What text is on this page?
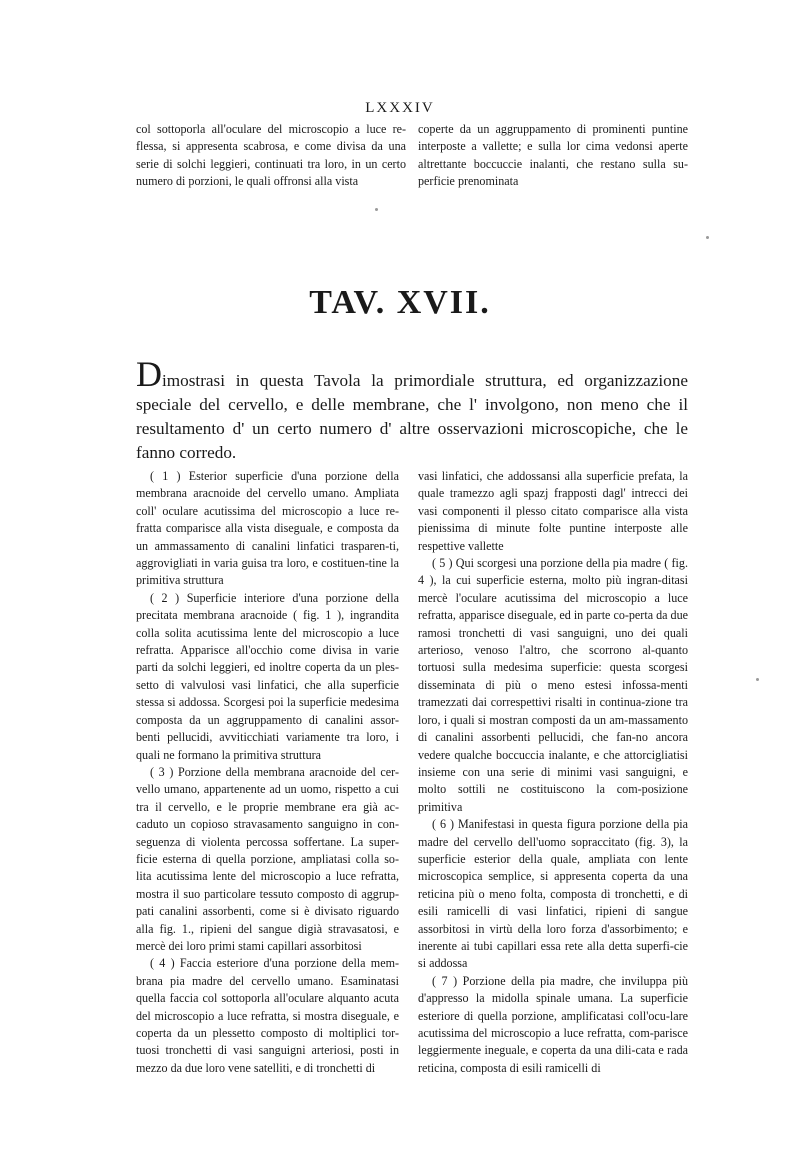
LXXXIV

col sottoporla all'oculare del microscopio a luce re-flessa, si appresenta scabrosa, e come divisa da una serie di solchi leggieri, continuati tra loro, in un certo numero di porzioni, le quali offronsi alla vista

coperte da un aggruppamento di prominenti puntine interposte a vallette; e sulla lor cima vedonsi aperte altrettante boccuccie inalanti, che restano sulla su-perficie prenominata

TAV. XVII.
Dimostrasi in questa Tavola la primordiale struttura, ed organizzazione speciale del cervello, e delle membrane, che l' involgono, non meno che il resultamento d' un certo numero d' altre osservazioni microscopiche, che le fanno corredo.

( 1 ) Esterior superficie d'una porzione della membrana aracnoide del cervello umano. Ampliata coll' oculare acutissima del microscopio a luce re-fratta comparisce alla vista diseguale, e composta da un ammassamento di canalini linfatici trasparen-ti, aggrovigliati in varia guisa tra loro, e costituen-tine la primitiva struttura

( 2 ) Superficie interiore d'una porzione della precitata membrana aracnoide ( fig. 1 ), ingrandita colla solita acutissima lente del microscopio a luce refratta. Apparisce all'occhio come divisa in varie parti da solchi leggieri, ed inoltre coperta da un ples-setto di valvulosi vasi linfatici, che alla superficie stessa si addossa. Scorgesi poi la superficie medesima composta da un aggruppamento di canalini assor-benti pellucidi, avviticchiati variamente tra loro, i quali ne formano la primitiva struttura

( 3 ) Porzione della membrana aracnoide del cer-vello umano, appartenente ad un uomo, rispetto a cui tra il cervello, e le proprie membrane era già ac-caduto un copioso stravasamento sanguigno in con-seguenza di violenta percossa soffertane. La super-ficie esterna di quella porzione, ampliatasi colla so-lita acutissima lente del microscopio a luce refratta, mostra il suo particolare tessuto composto di aggrup-pati canalini assorbenti, come si è divisato riguardo alla fig. 1., ripieni del sangue digià stravasatosi, e mercè dei loro primi stami capillari assorbitosi

( 4 ) Faccia esteriore d'una porzione della mem-brana pia madre del cervello umano. Esaminatasi quella faccia col sottoporla all'oculare alquanto acuta del microscopio a luce refratta, si mostra diseguale, e coperta da un plessetto composto di moltiplici tor-tuosi tronchetti di vasi sanguigni arteriosi, posti in mezzo da due loro vene satelliti, e di tronchetti di

vasi linfatici, che addossansi alla superficie prefata, la quale tramezzo agli spazj frapposti dagl' intrecci dei vasi componenti il plesso citato comparisce alla vista pienissima di minute folte puntine interposte alle respettive vallette

( 5 ) Qui scorgesi una porzione della pia madre ( fig. 4 ), la cui superficie esterna, molto più ingran-ditasi mercè l'oculare acutissima del microscopio a luce refratta, apparisce diseguale, ed in parte co-perta da due ramosi tronchetti di vasi sanguigni, uno dei quali arterioso, venoso l'altro, che scorrono al-quanto tortuosi sulla medesima superficie: questa scorgesi disseminata di più o meno estesi infossa-menti tramezzati dai correspettivi risalti in continua-zione tra loro, i quali si mostran composti da un am-massamento di canalini assorbenti pellucidi, che fan-no ancora vedere qualche boccuccia inalante, e che attorcigliatisi insieme con una serie di minimi vasi sanguigni, e molto sottili ne costituiscono la com-posizione primitiva

( 6 ) Manifestasi in questa figura porzione della pia madre del cervello dell'uomo sopraccitato (fig. 3), la superficie esterior della quale, ampliata con lente microscopica semplice, si appresenta coperta da una reticina più o meno folta, composta di tronchetti, e di esili ramicelli di vasi linfatici, ripieni di sangue assorbitosi in virtù della loro forza d'assorbimento; e inerente ai tubi capillari essa rete alla detta superfi-cie si addossa

( 7 ) Porzione della pia madre, che inviluppa più d'appresso la midolla spinale umana. La superficie esteriore di quella porzione, amplificatasi coll'ocu-lare acutissima del microscopio a luce refratta, com-parisce leggiermente ineguale, e coperta da una dili-cata e rada reticina, composta di esili ramicelli di
